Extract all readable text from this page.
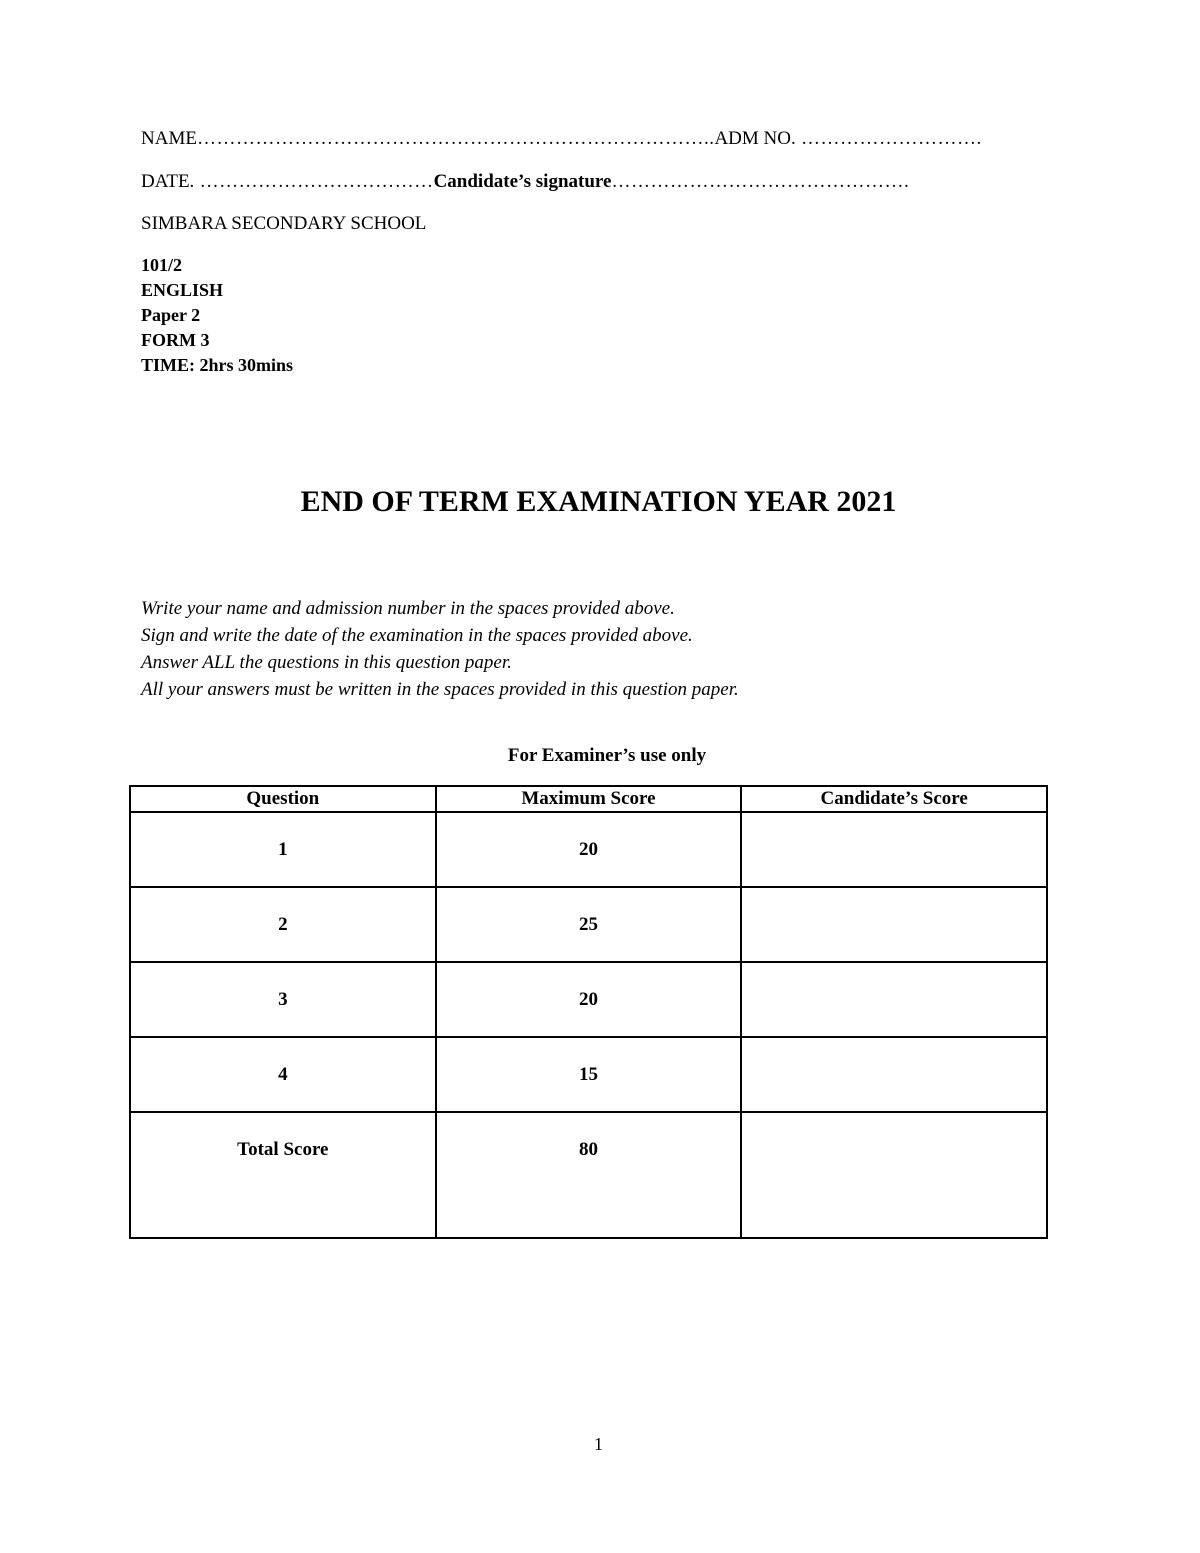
NAME……………………………………………………………………..ADM NO. ……………………….
DATE. ………………………………Candidate’s signature……………………………………….
SIMBARA SECONDARY SCHOOL
101/2
ENGLISH
Paper 2
FORM 3
TIME: 2hrs 30mins
END OF TERM EXAMINATION YEAR 2021
Write your name and admission number in the spaces provided above.
Sign and write the date of the examination in the spaces provided above.
Answer ALL the questions in this question paper.
All your answers must be written in the spaces provided in this question paper.
For Examiner’s use only
Question	Maximum Score	Candidate’s Score
1	20	
2	25	
3	20	
4	15	
Total Score	80	
1
